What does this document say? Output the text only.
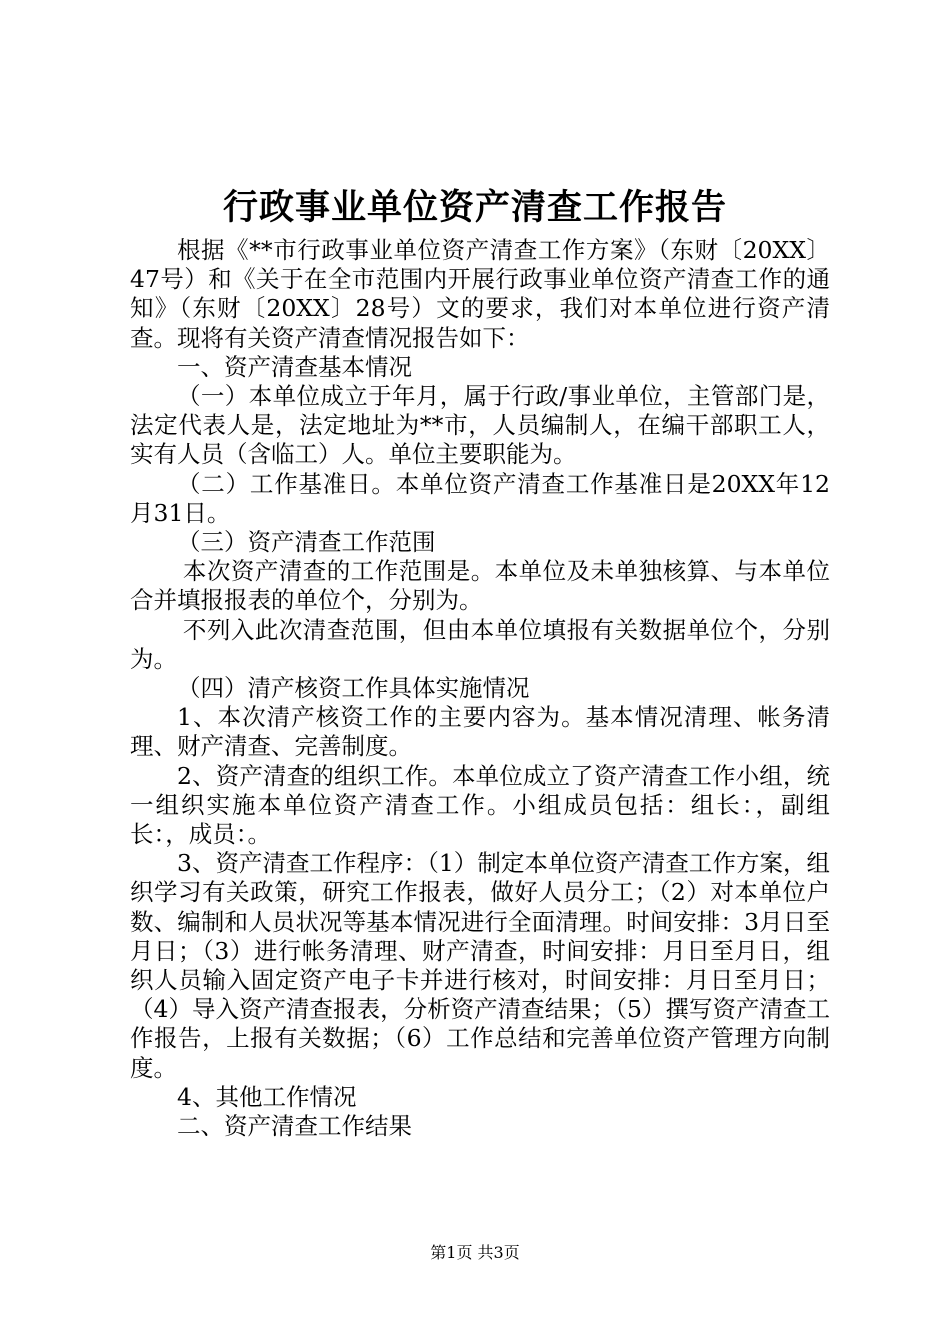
行政事业单位资产清查工作报告

根据《**市行政事业单位资产清查工作方案》（东财〔20XX〕47号）和《关于在全市范围内开展行政事业单位资产清查工作的通知》（东财〔20XX〕28号）文的要求，我们对本单位进行资产清查。现将有关资产清查情况报告如下：

一、资产清查基本情况

（一）本单位成立于年月，属于行政/事业单位，主管部门是，法定代表人是，法定地址为**市，人员编制人，在编干部职工人，实有人员（含临工）人。单位主要职能为。

（二）工作基准日。本单位资产清查工作基准日是20XX年12月31日。

（三）资产清查工作范围

本次资产清查的工作范围是。本单位及未单独核算、与本单位合并填报报表的单位个，分别为。

不列入此次清查范围，但由本单位填报有关数据单位个，分别为。

（四）清产核资工作具体实施情况

1、本次清产核资工作的主要内容为。基本情况清理、帐务清理、财产清查、完善制度。

2、资产清查的组织工作。本单位成立了资产清查工作小组，统一组织实施本单位资产清查工作。小组成员包括：组长：，副组长：，成员：。

3、资产清查工作程序：（1）制定本单位资产清查工作方案，组织学习有关政策，研究工作报表，做好人员分工；（2）对本单位户数、编制和人员状况等基本情况进行全面清理。时间安排：3月日至月日；（3）进行帐务清理、财产清查，时间安排：月日至月日，组织人员输入固定资产电子卡并进行核对，时间安排：月日至月日；（4）导入资产清查报表，分析资产清查结果；（5）撰写资产清查工作报告，上报有关数据；（6）工作总结和完善单位资产管理方向制度。

4、其他工作情况

二、资产清查工作结果

第1页 共3页
